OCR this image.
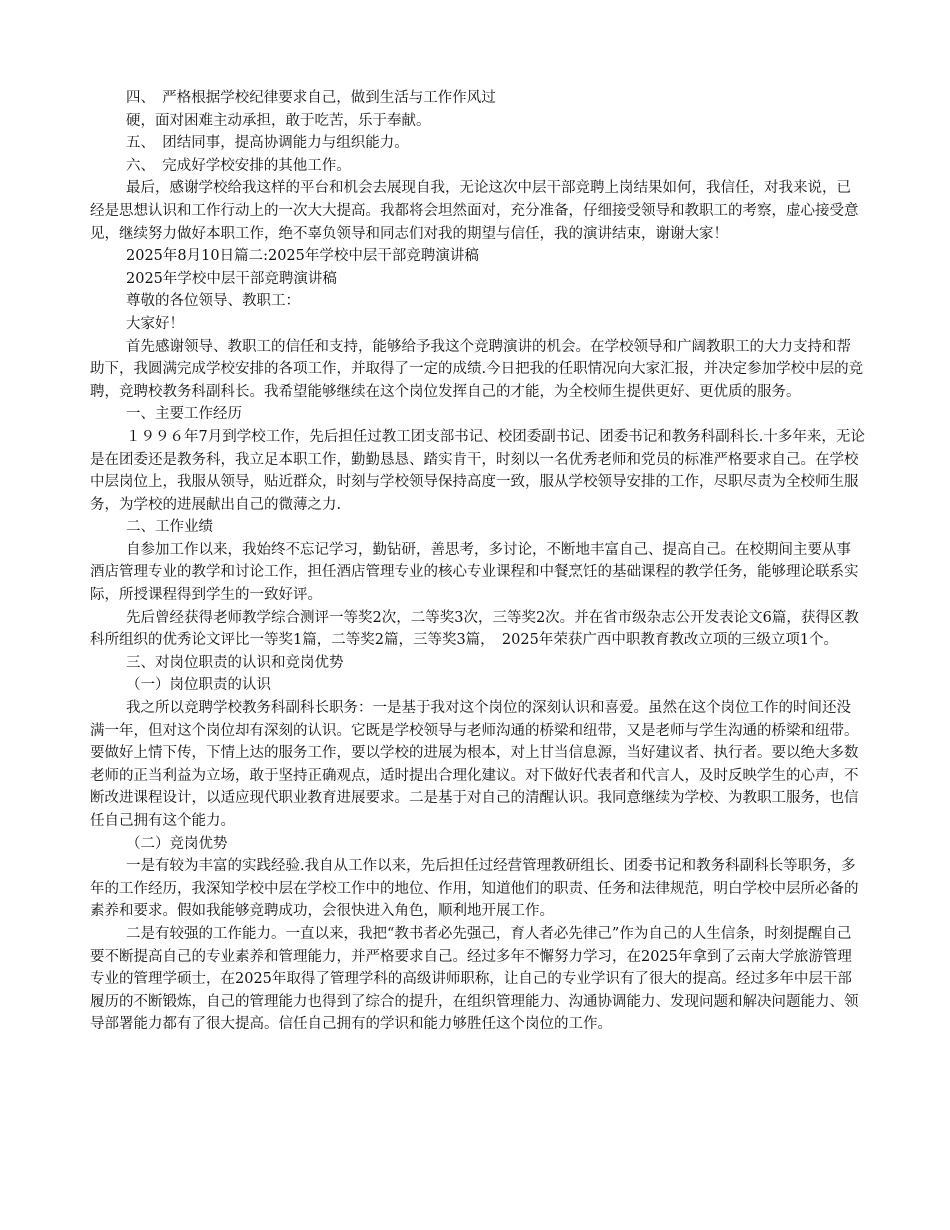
四、　严格根据学校纪律要求自己，做到生活与工作作风过

硬，面对困难主动承担，敢于吃苦，乐于奉献。

五、　团结同事，提高协调能力与组织能力。

六、　完成好学校安排的其他工作。

最后，感谢学校给我这样的平台和机会去展现自我，无论这次中层干部竞聘上岗结果如何，我信任，对我来说，已经是思想认识和工作行动上的一次大大提高。我都将会坦然面对，充分准备，仔细接受领导和教职工的考察，虚心接受意见，继续努力做好本职工作，绝不辜负领导和同志们对我的期望与信任，我的演讲结束，谢谢大家！

2025年8月10日篇二:2025年学校中层干部竞聘演讲稿

2025年学校中层干部竞聘演讲稿

尊敬的各位领导、教职工：

大家好！

首先感谢领导、教职工的信任和支持，能够给予我这个竞聘演讲的机会。在学校领导和广阔教职工的大力支持和帮助下，我圆满完成学校安排的各项工作，并取得了一定的成绩.今日把我的任职情况向大家汇报，并决定参加学校中层的竞聘，竞聘校教务科副科长。我希望能够继续在这个岗位发挥自己的才能，为全校师生提供更好、更优质的服务。

一、主要工作经历

１９９６年7月到学校工作，先后担任过教工团支部书记、校团委副书记、团委书记和教务科副科长.十多年来，无论是在团委还是教务科，我立足本职工作，勤勤恳恳、踏实肯干，时刻以一名优秀老师和党员的标准严格要求自己。在学校中层岗位上，我服从领导，贴近群众，时刻与学校领导保持高度一致，服从学校领导安排的工作，尽职尽责为全校师生服务，为学校的进展献出自己的微薄之力.

二、工作业绩

自参加工作以来，我始终不忘记学习，勤钻研，善思考，多讨论，不断地丰富自己、提高自己。在校期间主要从事酒店管理专业的教学和讨论工作，担任酒店管理专业的核心专业课程和中餐烹饪的基础课程的教学任务，能够理论联系实际，所授课程得到学生的一致好评。

先后曾经获得老师教学综合测评一等奖2次，二等奖3次，三等奖2次。并在省市级杂志公开发表论文6篇，获得区教科所组织的优秀论文评比一等奖1篇，二等奖2篇，三等奖3篇，　2025年荣获广西中职教育教改立项的三级立项1个。

三、对岗位职责的认识和竞岗优势

（一）岗位职责的认识

我之所以竞聘学校教务科副科长职务：一是基于我对这个岗位的深刻认识和喜爱。虽然在这个岗位工作的时间还没满一年，但对这个岗位却有深刻的认识。它既是学校领导与老师沟通的桥梁和纽带，又是老师与学生沟通的桥梁和纽带。要做好上情下传，下情上达的服务工作，要以学校的进展为根本，对上甘当信息源，当好建议者、执行者。要以绝大多数老师的正当利益为立场，敢于坚持正确观点，适时提出合理化建议。对下做好代表者和代言人，及时反映学生的心声，不断改进课程设计，以适应现代职业教育进展要求。二是基于对自己的清醒认识。我同意继续为学校、为教职工服务，也信任自己拥有这个能力。

（二）竞岗优势

一是有较为丰富的实践经验.我自从工作以来，先后担任过经营管理教研组长、团委书记和教务科副科长等职务，多年的工作经历，我深知学校中层在学校工作中的地位、作用，知道他们的职责、任务和法律规范，明白学校中层所必备的素养和要求。假如我能够竞聘成功，会很快进入角色，顺利地开展工作。

二是有较强的工作能力。一直以来，我把“教书者必先强己，育人者必先律己”作为自己的人生信条，时刻提醒自己要不断提高自己的专业素养和管理能力，并严格要求自己。经过多年不懈努力学习，在2025年拿到了云南大学旅游管理专业的管理学硕士，在2025年取得了管理学科的高级讲师职称，让自己的专业学识有了很大的提高。经过多年中层干部履历的不断锻炼，自己的管理能力也得到了综合的提升，在组织管理能力、沟通协调能力、发现问题和解决问题能力、领导部署能力都有了很大提高。信任自己拥有的学识和能力够胜任这个岗位的工作。
